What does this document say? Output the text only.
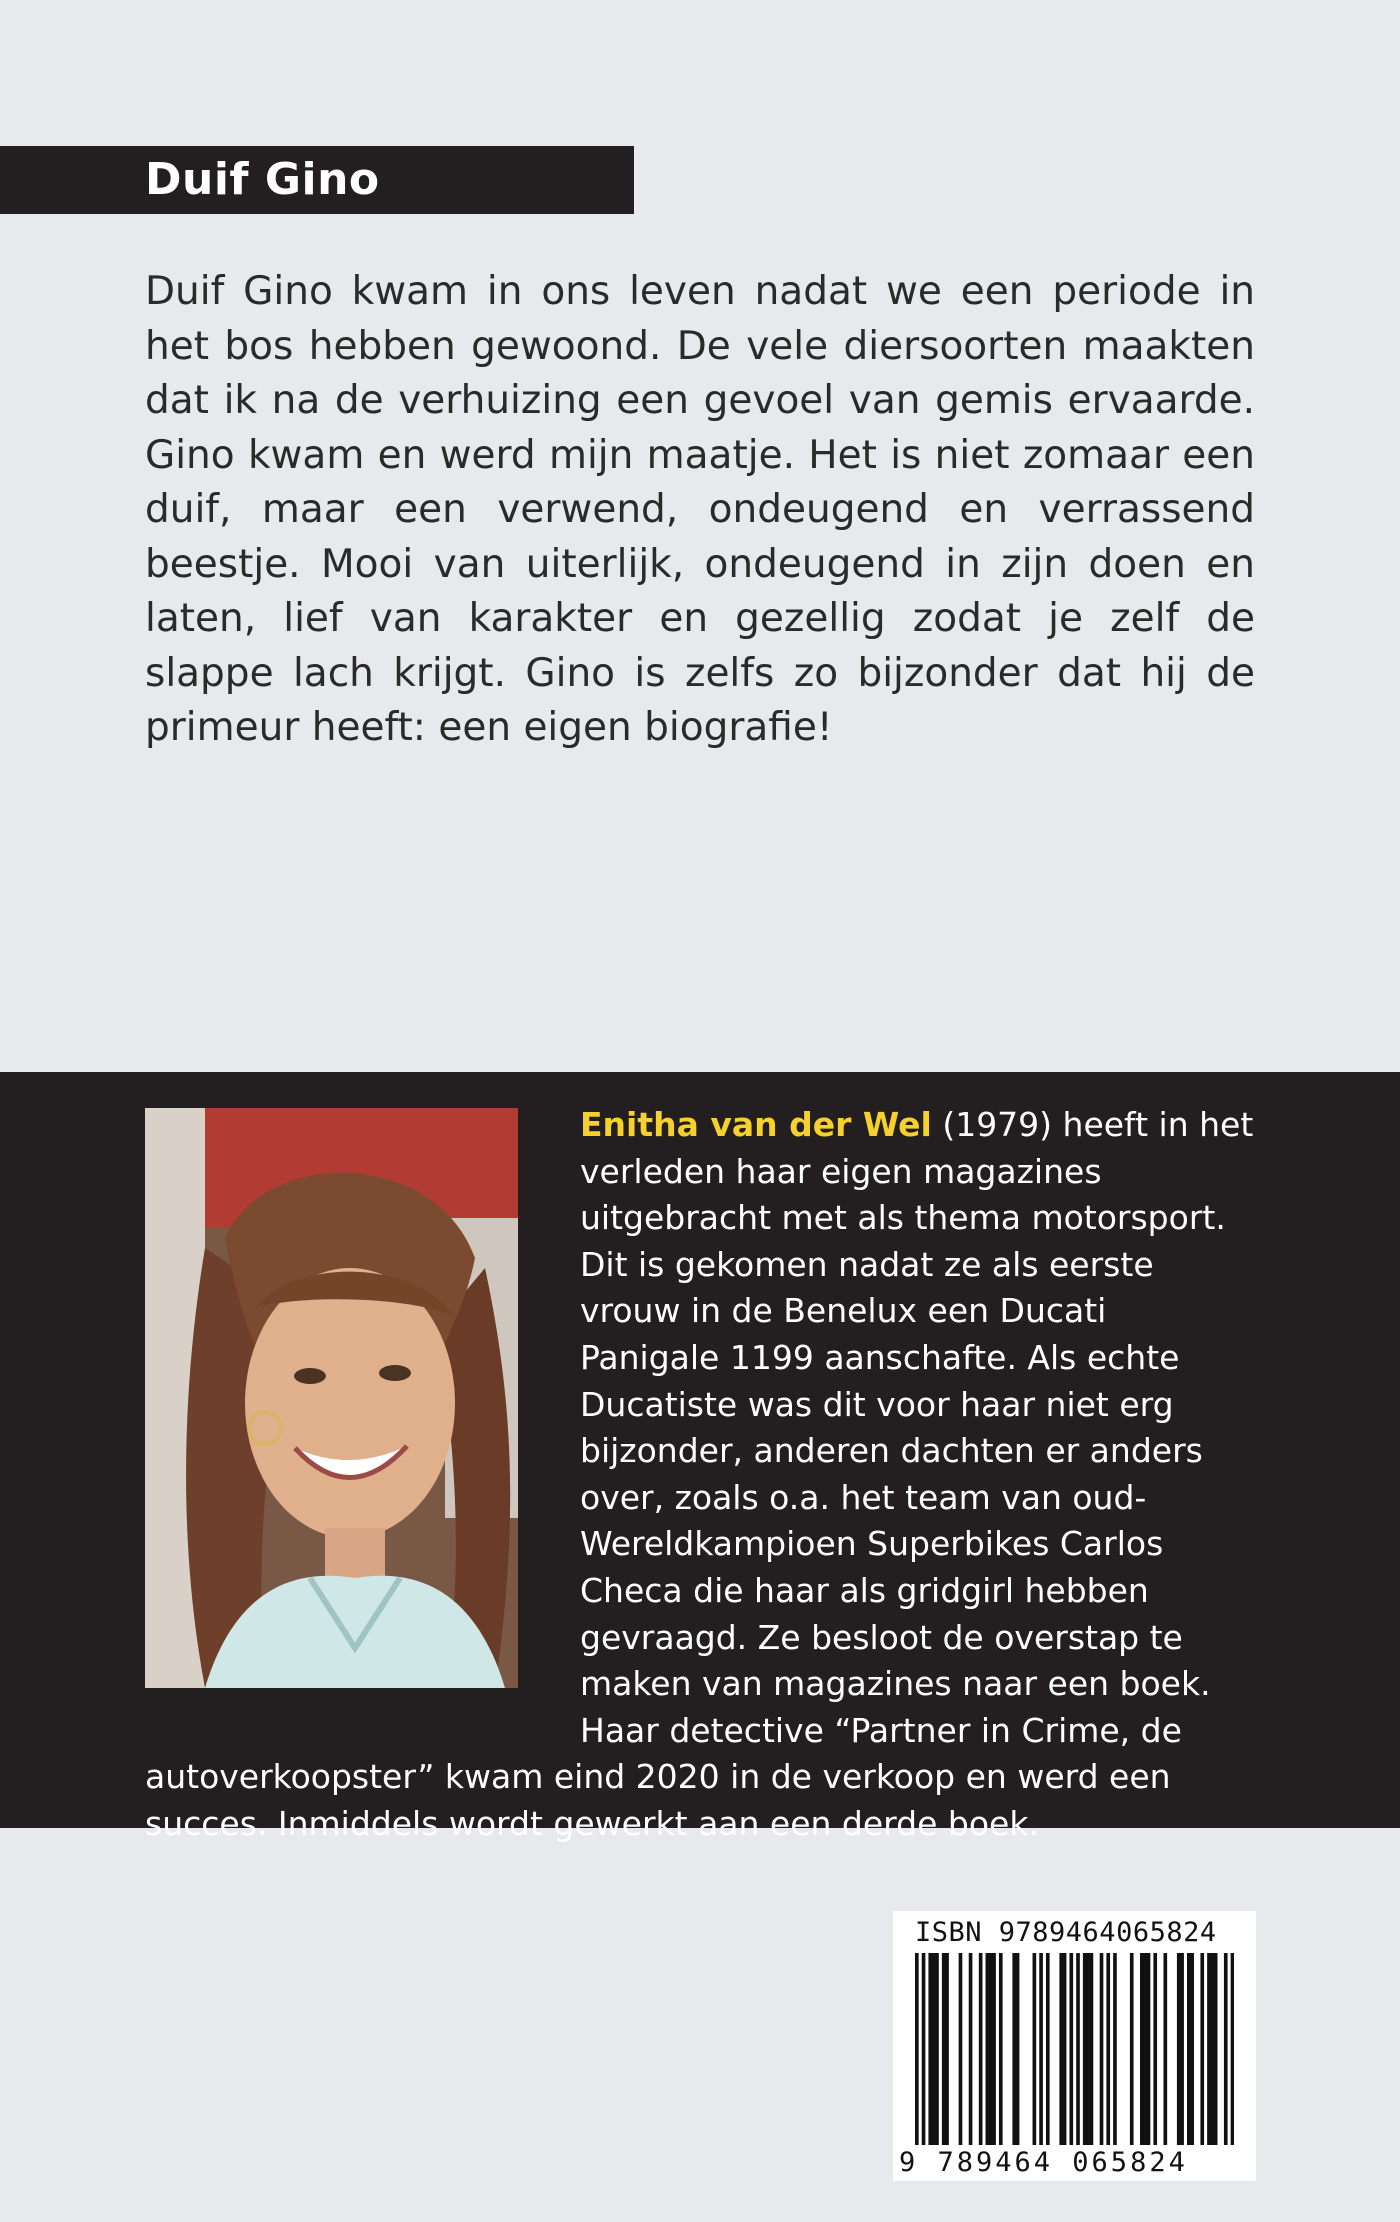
Duif Gino

Duif Gino kwam in ons leven nadat we een periode in het bos hebben gewoond. De vele diersoorten maakten dat ik na de verhuizing een gevoel van gemis ervaarde. Gino kwam en werd mijn maatje. Het is niet zomaar een duif, maar een verwend, ondeugend en verrassend beestje. Mooi van uiterlijk, ondeugend in zijn doen en laten, lief van karakter en gezellig zodat je zelf de slappe lach krijgt. Gino is zelfs zo bijzonder dat hij de primeur heeft: een eigen biografie!

Enitha van der Wel (1979) heeft in het verleden haar eigen magazines uitgebracht met als thema motorsport. Dit is gekomen nadat ze als eerste vrouw in de Benelux een Ducati Panigale 1199 aanschafte. Als echte Ducatiste was dit voor haar niet erg bijzonder, anderen dachten er anders over, zoals o.a. het team van oud-Wereldkampioen Superbikes Carlos Checa die haar als gridgirl hebben gevraagd. Ze besloot de overstap te maken van magazines naar een boek. Haar detective “Partner in Crime, de autoverkoopster” kwam eind 2020 in de verkoop en werd een succes. Inmiddels wordt gewerkt aan een derde boek.

ISBN 9789464065824
9 789464 065824
